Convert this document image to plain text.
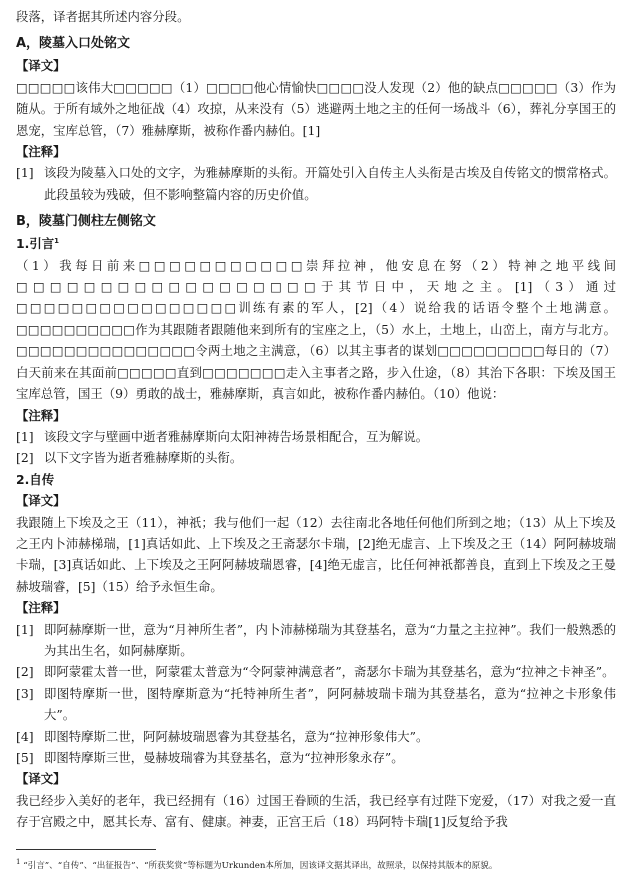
段落，译者据其所述内容分段。

A，陵墓入口处铭文

【译文】

□□□□□该伟大□□□□□（1）□□□□他心情愉快□□□□没人发现（2）他的缺点□□□□□（3）作为随从。于所有域外之地征战（4）攻掠，从来没有（5）逃避两土地之主的任何一场战斗（6），葬礼分享国王的恩宠，宝库总管，（7）雅赫摩斯，被称作番内赫伯。[1]

【注释】

[1] 该段为陵墓入口处的文字，为雅赫摩斯的头衔。开篇处引入自传主人头衔是古埃及自传铭文的惯常格式。此段虽较为残破，但不影响整篇内容的历史价值。

B，陵墓门侧柱左侧铭文

1.引言$^1$

（1）我每日前来□□□□□□□□□□□崇拜拉神，他安息在努（2）特神之地平线间□□□□□□□□□□□□□□□□□□于其节日中，天地之主。[1]（3）通过□□□□□□□□□□□□□□□□训练有素的军人，[2]（4）说给我的话语令整个土地满意。□□□□□□□□□□作为其跟随者跟随他来到所有的宝座之上，（5）水上，土地上，山峦上，南方与北方。□□□□□□□□□□□□□□□令两土地之主满意，（6）以其主事者的谋划□□□□□□□□□每日的（7）白天前来在其面前□□□□□直到□□□□□□□走入主事者之路，步入仕途，（8）其治下各职：下埃及国王宝库总管，国王（9）勇敢的战士，雅赫摩斯，真言如此，被称作番内赫伯。（10）他说：

【注释】

[1] 该段文字与壁画中逝者雅赫摩斯向太阳神祷告场景相配合，互为解说。
[2] 以下文字皆为逝者雅赫摩斯的头衔。

2.自传

【译文】

我跟随上下埃及之王（11），神祇；我与他们一起（12）去往南北各地任何他们所到之地；（13）从上下埃及之王内卜沛赫梯瑞，[1]真话如此、上下埃及之王斋瑟尔卡瑞，[2]绝无虚言、上下埃及之王（14）阿阿赫坡瑞卡瑞，[3]真话如此、上下埃及之王阿阿赫坡瑞恩睿，[4]绝无虚言，比任何神祇都善良，直到上下埃及之王曼赫坡瑞睿，[5]（15）给予永恒生命。

【注释】

[1] 即阿赫摩斯一世，意为“月神所生者”，内卜沛赫梯瑞为其登基名，意为“力量之主拉神”。我们一般熟悉的为其出生名，如阿赫摩斯。
[2] 即阿蒙霍太普一世，阿蒙霍太普意为“令阿蒙神满意者”，斋瑟尔卡瑞为其登基名，意为“拉神之卡神圣”。
[3] 即图特摩斯一世，图特摩斯意为“托特神所生者”，阿阿赫坡瑞卡瑞为其登基名，意为“拉神之卡形象伟大”。
[4] 即图特摩斯二世，阿阿赫坡瑞恩睿为其登基名，意为“拉神形象伟大”。
[5] 即图特摩斯三世，曼赫坡瑞睿为其登基名，意为“拉神形象永存”。

【译文】

我已经步入美好的老年，我已经拥有（16）过国王眷顾的生活，我已经享有过陛下宠爱，（17）对我之爱一直存于宫殿之中，愿其长寿、富有、健康。神妻，正宫王后（18）玛阿特卡瑞[1]反复给予我

$^1$ “引言”、“自传”、“出征报告”、“所获奖赏”等标题为Urkunden本所加，因该译文据其译出，故照录，以保持其版本的原貌。
